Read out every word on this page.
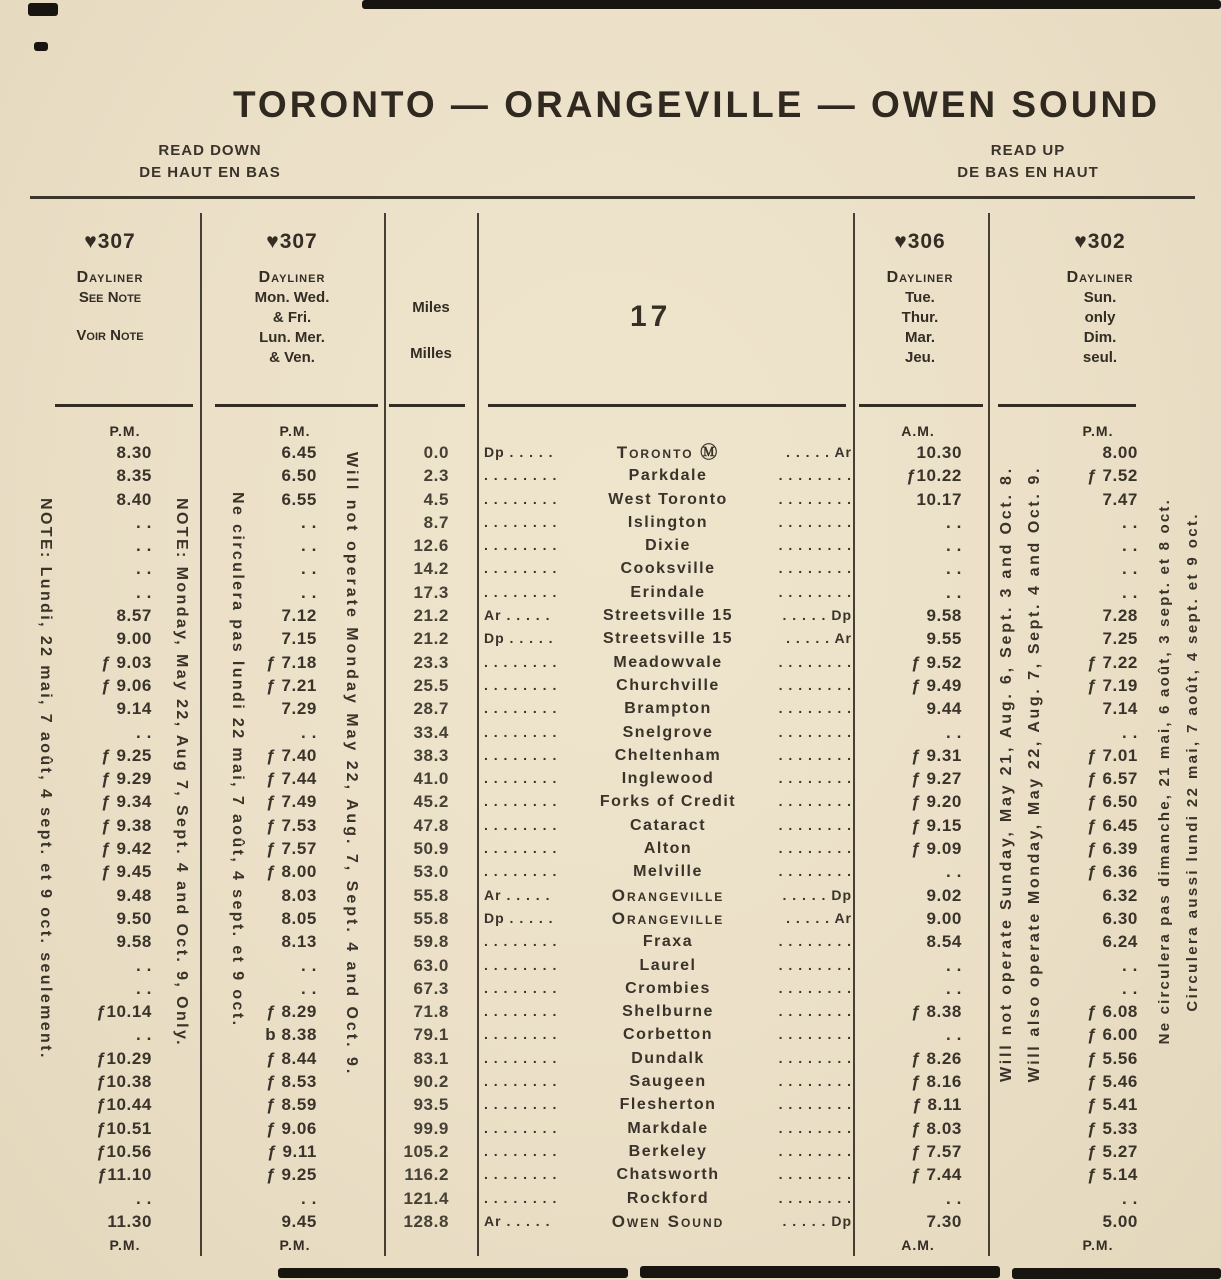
TORONTO — ORANGEVILLE — OWEN SOUND
READ DOWN
DE HAUT EN BAS
READ UP
DE BAS EN HAUT
♥307
Dayliner
See Note
Voir Note
♥307
Dayliner
Mon. Wed.
& Fri.
Lun. Mer.
& Ven.
Miles
Milles
17
♥306
Dayliner
Tue.
Thur.
Mar.
Jeu.
♥302
Dayliner
Sun.
only
Dim.
seul.
P.M.	P.M.	A.M.	P.M.
8.30	6.45	0.0	Dp . . . . .	Toronto Ⓜ	. . . . . Ar	10.30	8.00
8.35	6.50	2.3	. . . . . . . .	Parkdale	. . . . . . . .	ƒ10.22	ƒ 7.52
8.40	6.55	4.5	. . . . . . . .	West Toronto	. . . . . . . .	10.17	7.47
. .	. .	8.7	. . . . . . . .	Islington	. . . . . . . .	. .	. .
. .	. .	12.6	. . . . . . . .	Dixie	. . . . . . . .	. .	. .
. .	. .	14.2	. . . . . . . .	Cooksville	. . . . . . . .	. .	. .
. .	. .	17.3	. . . . . . . .	Erindale	. . . . . . . .	. .	. .
8.57	7.12	21.2	Ar . . . . .	Streetsville 15	. . . . . Dp	9.58	7.28
9.00	7.15	21.2	Dp . . . . .	Streetsville 15	. . . . . Ar	9.55	7.25
ƒ 9.03	ƒ 7.18	23.3	. . . . . . . .	Meadowvale	. . . . . . . .	ƒ 9.52	ƒ 7.22
ƒ 9.06	ƒ 7.21	25.5	. . . . . . . .	Churchville	. . . . . . . .	ƒ 9.49	ƒ 7.19
9.14	7.29	28.7	. . . . . . . .	Brampton	. . . . . . . .	9.44	7.14
. .	. .	33.4	. . . . . . . .	Snelgrove	. . . . . . . .	. .	. .
ƒ 9.25	ƒ 7.40	38.3	. . . . . . . .	Cheltenham	. . . . . . . .	ƒ 9.31	ƒ 7.01
ƒ 9.29	ƒ 7.44	41.0	. . . . . . . .	Inglewood	. . . . . . . .	ƒ 9.27	ƒ 6.57
ƒ 9.34	ƒ 7.49	45.2	. . . . . . . .	Forks of Credit	. . . . . . . .	ƒ 9.20	ƒ 6.50
ƒ 9.38	ƒ 7.53	47.8	. . . . . . . .	Cataract	. . . . . . . .	ƒ 9.15	ƒ 6.45
ƒ 9.42	ƒ 7.57	50.9	. . . . . . . .	Alton	. . . . . . . .	ƒ 9.09	ƒ 6.39
ƒ 9.45	ƒ 8.00	53.0	. . . . . . . .	Melville	. . . . . . . .	. .	ƒ 6.36
9.48	8.03	55.8	Ar . . . . .	Orangeville	. . . . . Dp	9.02	6.32
9.50	8.05	55.8	Dp . . . . .	Orangeville	. . . . . Ar	9.00	6.30
9.58	8.13	59.8	. . . . . . . .	Fraxa	. . . . . . . .	8.54	6.24
. .	. .	63.0	. . . . . . . .	Laurel	. . . . . . . .	. .	. .
. .	. .	67.3	. . . . . . . .	Crombies	. . . . . . . .	. .	. .
ƒ10.14	ƒ 8.29	71.8	. . . . . . . .	Shelburne	. . . . . . . .	ƒ 8.38	ƒ 6.08
. .	b 8.38	79.1	. . . . . . . .	Corbetton	. . . . . . . .	. .	ƒ 6.00
ƒ10.29	ƒ 8.44	83.1	. . . . . . . .	Dundalk	. . . . . . . .	ƒ 8.26	ƒ 5.56
ƒ10.38	ƒ 8.53	90.2	. . . . . . . .	Saugeen	. . . . . . . .	ƒ 8.16	ƒ 5.46
ƒ10.44	ƒ 8.59	93.5	. . . . . . . .	Flesherton	. . . . . . . .	ƒ 8.11	ƒ 5.41
ƒ10.51	ƒ 9.06	99.9	. . . . . . . .	Markdale	. . . . . . . .	ƒ 8.03	ƒ 5.33
ƒ10.56	ƒ 9.11	105.2	. . . . . . . .	Berkeley	. . . . . . . .	ƒ 7.57	ƒ 5.27
ƒ11.10	ƒ 9.25	116.2	. . . . . . . .	Chatsworth	. . . . . . . .	ƒ 7.44	ƒ 5.14
. .	. .	121.4	. . . . . . . .	Rockford	. . . . . . . .	. .	. .
11.30	9.45	128.8	Ar . . . . .	Owen Sound	. . . . . Dp	7.30	5.00
P.M.	P.M.	A.M.	P.M.
NOTE: Lundi, 22 mai, 7 août, 4 sept. et 9 oct. seulement.	NOTE: Monday, May 22, Aug 7, Sept. 4 and Oct. 9, Only. Ne circulera pas lundi 22 mai, 7 août, 4 sept. et 9 oct.	Will not operate Monday May 22, Aug. 7, Sept. 4 and Oct. 9.	Will not operate Sunday, May 21, Aug. 6, Sept. 3 and Oct. 8. Will also operate Monday, May 22, Aug. 7, Sept. 4 and Oct. 9.	Ne circulera pas dimanche, 21 mai, 6 août, 3 sept. et 8 oct. Circulera aussi lundi 22 mai, 7 août, 4 sept. et 9 oct.
